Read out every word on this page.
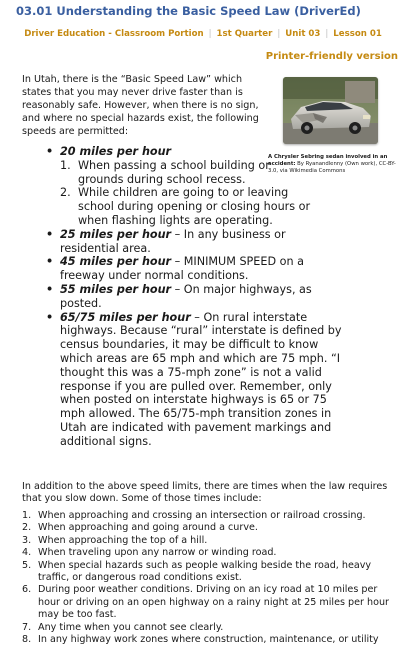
03.01 Understanding the Basic Speed Law (DriverEd)
Driver Education - Classroom Portion | 1st Quarter | Unit 03 | Lesson 01
Printer-friendly version
In Utah, there is the “Basic Speed Law” which states that you may never drive faster than is reasonably safe. However, when there is no sign, and where no special hazards exist, the following speeds are permitted:
A Chrysler Sebring sedan involved in an accident: By Ryanandlenny (Own work), CC-BY-3.0, via Wikimedia Commons
• 20 miles per hour
1. When passing a school building or grounds during school recess.
2. While children are going to or leaving school during opening or closing hours or when flashing lights are operating.
• 25 miles per hour – In any business or residential area.
• 45 miles per hour – MINIMUM SPEED on a freeway under normal conditions.
• 55 miles per hour – On major highways, as posted.
• 65/75 miles per hour – On rural interstate highways. Because “rural” interstate is defined by census boundaries, it may be difficult to know which areas are 65 mph and which are 75 mph. “I thought this was a 75-mph zone” is not a valid response if you are pulled over. Remember, only when posted on interstate highways is 65 or 75 mph allowed. The 65/75-mph transition zones in Utah are indicated with pavement markings and additional signs.
In addition to the above speed limits, there are times when the law requires that you slow down. Some of those times include:
1. When approaching and crossing an intersection or railroad crossing.
2. When approaching and going around a curve.
3. When approaching the top of a hill.
4. When traveling upon any narrow or winding road.
5. When special hazards such as people walking beside the road, heavy traffic, or dangerous road conditions exist.
6. During poor weather conditions. Driving on an icy road at 10 miles per hour or driving on an open highway on a rainy night at 25 miles per hour may be too fast.
7. Any time when you cannot see clearly.
8. In any highway work zones where construction, maintenance, or utility
